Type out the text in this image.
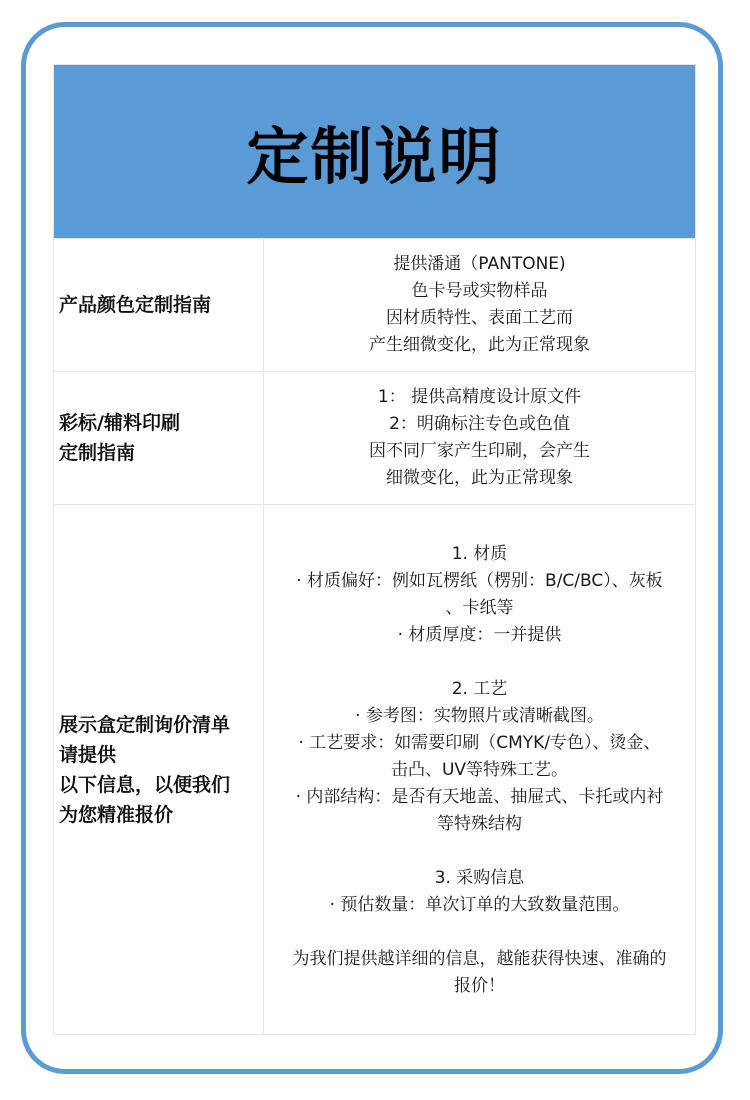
定制说明
产品颜色定制指南
提供潘通（PANTONE)
色卡号或实物样品
因材质特性、表面工艺而
产生细微变化，此为正常现象
彩标/辅料印刷
定制指南
1： 提供高精度设计原文件
2：明确标注专色或色值
因不同厂家产生印刷，会产生
细微变化，此为正常现象
展示盒定制询价清单
请提供
以下信息，以便我们
为您精准报价
1. 材质
· 材质偏好：例如瓦楞纸（楞别：B/C/BC）、灰板
、卡纸等
· 材质厚度：一并提供
2. 工艺
· 参考图：实物照片或清晰截图。
· 工艺要求：如需要印刷（CMYK/专色）、烫金、
击凸、UV等特殊工艺。
· 内部结构：是否有天地盖、抽屉式、卡托或内衬
等特殊结构
3. 采购信息
· 预估数量：单次订单的大致数量范围。
为我们提供越详细的信息，越能获得快速、准确的
报价！
